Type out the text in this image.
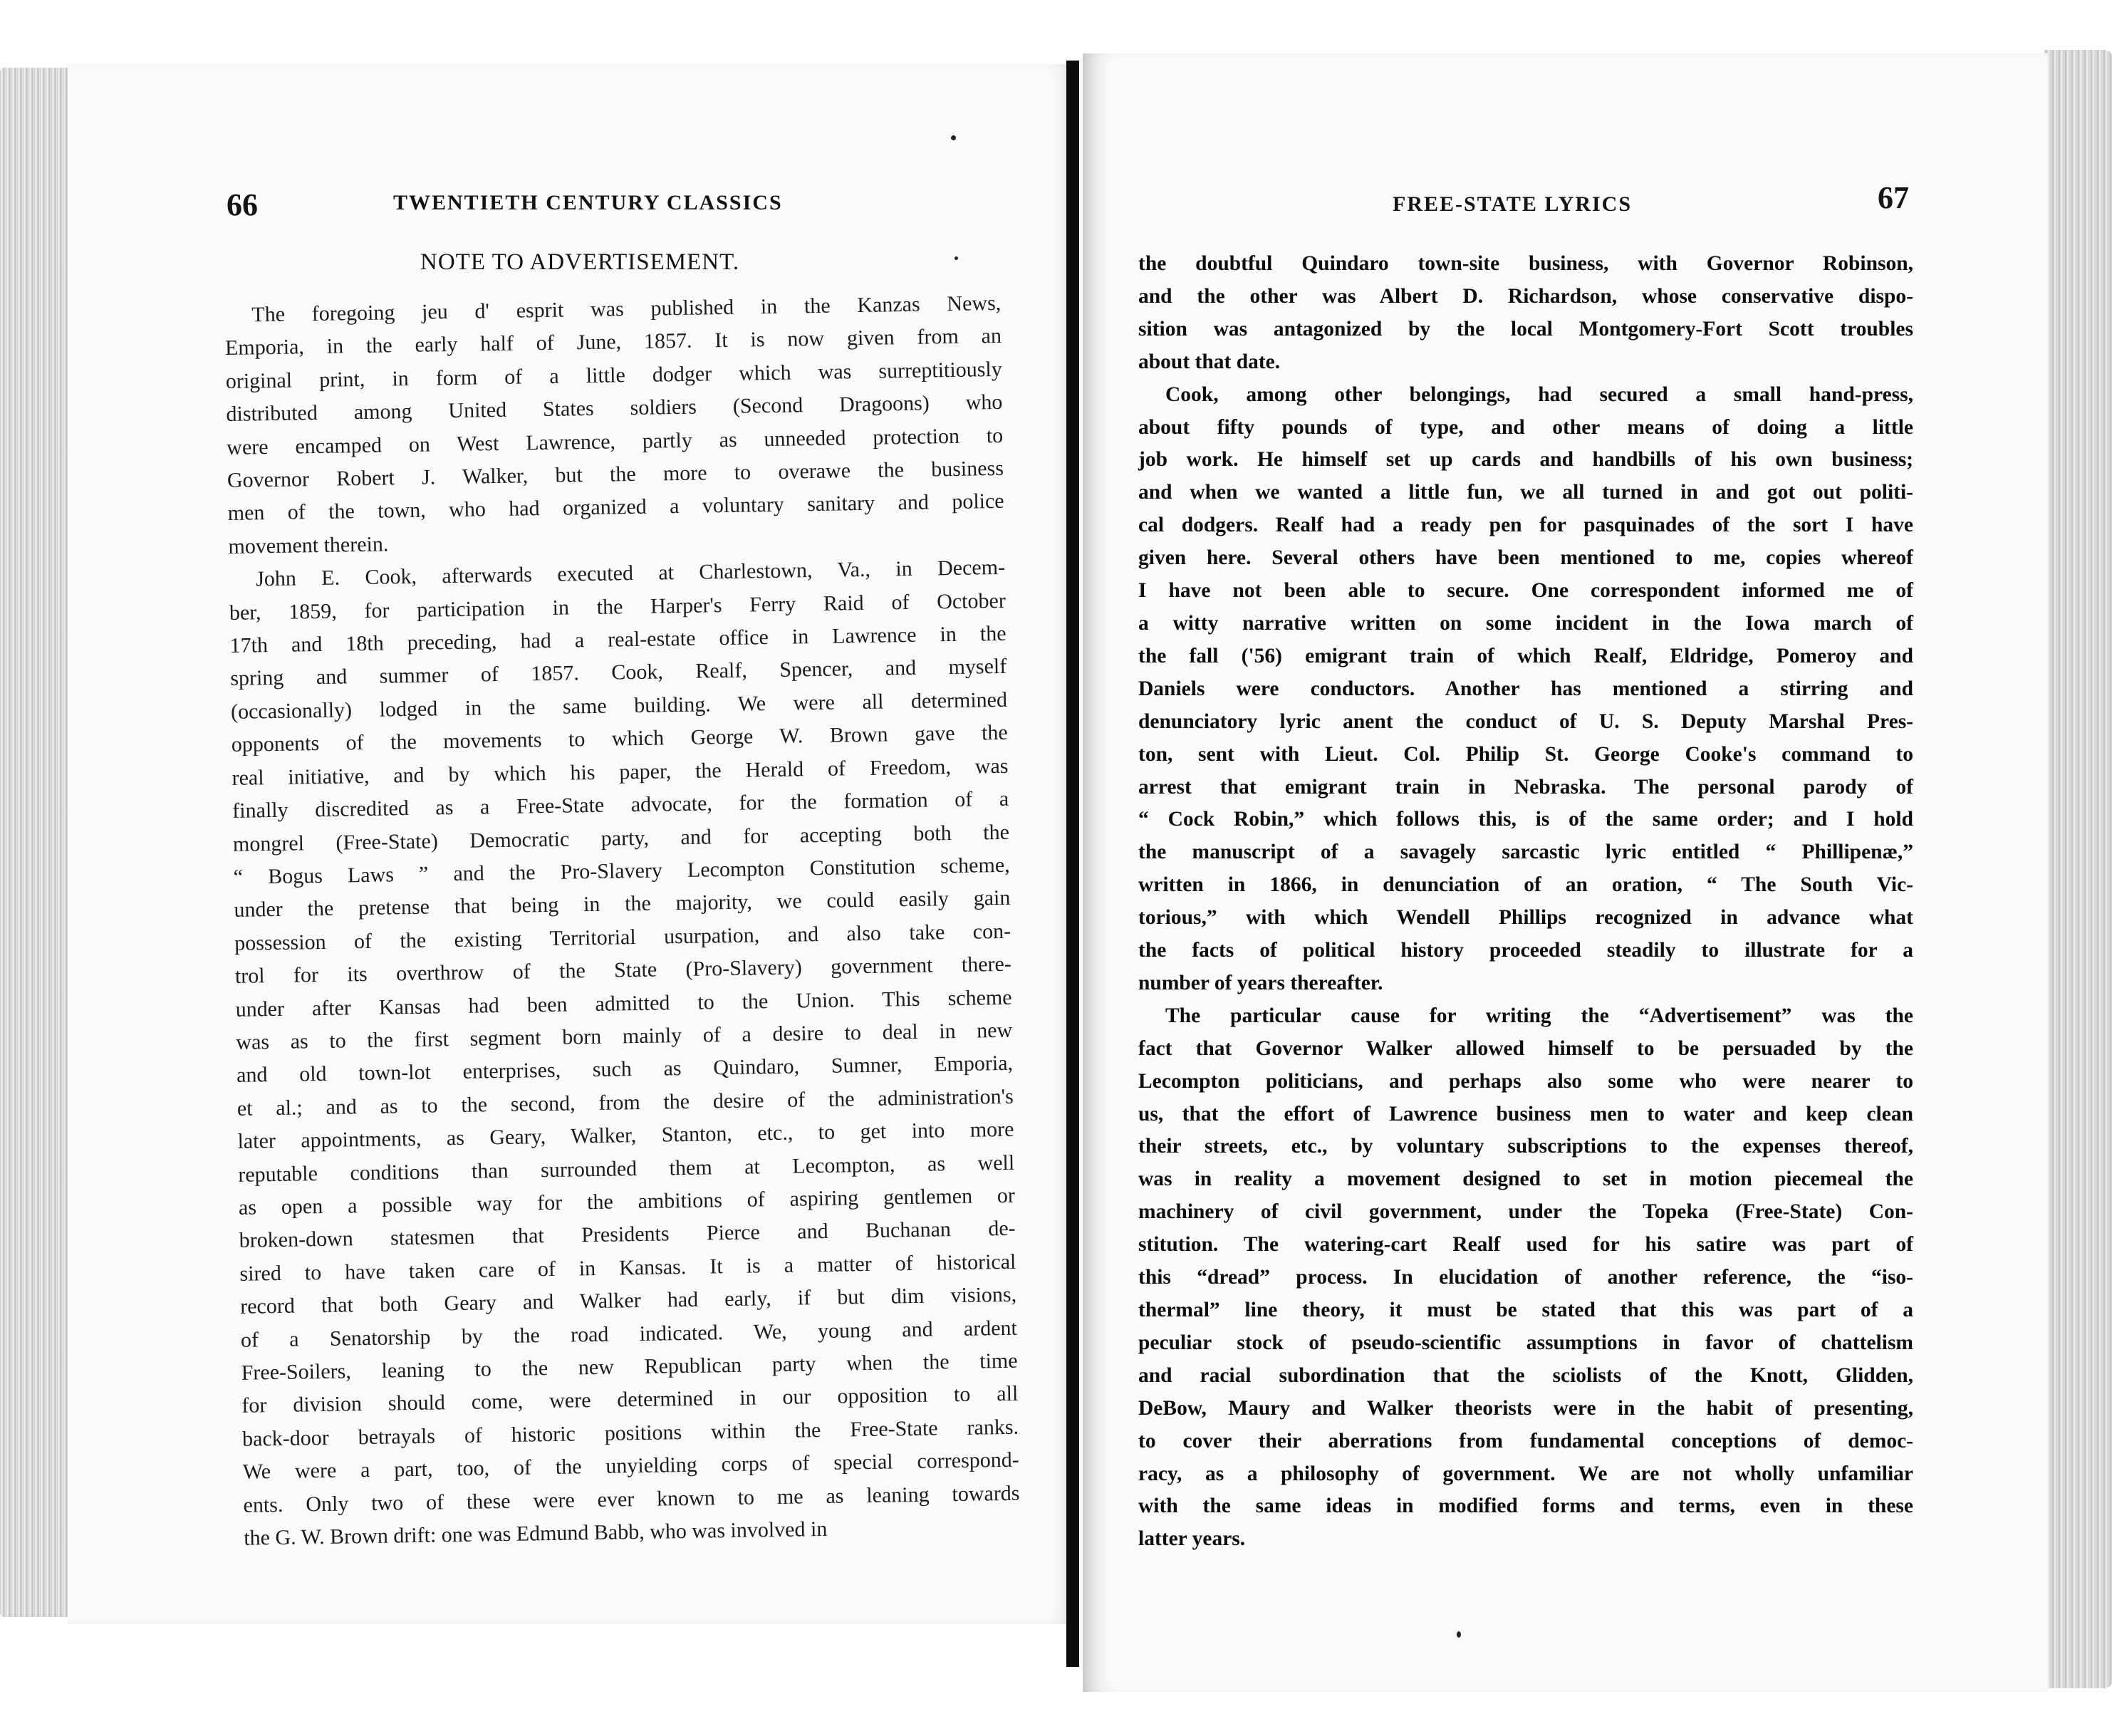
66	TWENTIETH CENTURY CLASSICS
NOTE TO ADVERTISEMENT.
FREE-STATE LYRICS	67
The foregoing jeu d' esprit was published in the Kanzas News,
Emporia, in the early half of June, 1857. It is now given from an
original print, in form of a little dodger which was surreptitiously
distributed among United States soldiers (Second Dragoons) who
were encamped on West Lawrence, partly as unneeded protection to
Governor Robert J. Walker, but the more to overawe the business
men of the town, who had organized a voluntary sanitary and police
movement therein.
John E. Cook, afterwards executed at Charlestown, Va., in Decem-
ber, 1859, for participation in the Harper's Ferry Raid of October
17th and 18th preceding, had a real-estate office in Lawrence in the
spring and summer of 1857. Cook, Realf, Spencer, and myself
(occasionally) lodged in the same building. We were all determined
opponents of the movements to which George W. Brown gave the
real initiative, and by which his paper, the Herald of Freedom, was
finally discredited as a Free-State advocate, for the formation of a
mongrel (Free-State) Democratic party, and for accepting both the
“ Bogus Laws ” and the Pro-Slavery Lecompton Constitution scheme,
under the pretense that being in the majority, we could easily gain
possession of the existing Territorial usurpation, and also take con-
trol for its overthrow of the State (Pro-Slavery) government there-
under after Kansas had been admitted to the Union. This scheme
was as to the first segment born mainly of a desire to deal in new
and old town-lot enterprises, such as Quindaro, Sumner, Emporia,
et al.; and as to the second, from the desire of the administration's
later appointments, as Geary, Walker, Stanton, etc., to get into more
reputable conditions than surrounded them at Lecompton, as well
as open a possible way for the ambitions of aspiring gentlemen or
broken-down statesmen that Presidents Pierce and Buchanan de-
sired to have taken care of in Kansas. It is a matter of historical
record that both Geary and Walker had early, if but dim visions,
of a Senatorship by the road indicated. We, young and ardent
Free-Soilers, leaning to the new Republican party when the time
for division should come, were determined in our opposition to all
back-door betrayals of historic positions within the Free-State ranks.
We were a part, too, of the unyielding corps of special correspond-
ents. Only two of these were ever known to me as leaning towards
the G. W. Brown drift: one was Edmund Babb, who was involved in
the doubtful Quindaro town-site business, with Governor Robinson,
and the other was Albert D. Richardson, whose conservative dispo-
sition was antagonized by the local Montgomery-Fort Scott troubles
about that date.
Cook, among other belongings, had secured a small hand-press,
about fifty pounds of type, and other means of doing a little
job work. He himself set up cards and handbills of his own business;
and when we wanted a little fun, we all turned in and got out politi-
cal dodgers. Realf had a ready pen for pasquinades of the sort I have
given here. Several others have been mentioned to me, copies whereof
I have not been able to secure. One correspondent informed me of
a witty narrative written on some incident in the Iowa march of
the fall ('56) emigrant train of which Realf, Eldridge, Pomeroy and
Daniels were conductors. Another has mentioned a stirring and
denunciatory lyric anent the conduct of U. S. Deputy Marshal Pres-
ton, sent with Lieut. Col. Philip St. George Cooke's command to
arrest that emigrant train in Nebraska. The personal parody of
“ Cock Robin,” which follows this, is of the same order; and I hold
the manuscript of a savagely sarcastic lyric entitled “ Phillipenæ,”
written in 1866, in denunciation of an oration, “ The South Vic-
torious,” with which Wendell Phillips recognized in advance what
the facts of political history proceeded steadily to illustrate for a
number of years thereafter.
The particular cause for writing the “Advertisement” was the
fact that Governor Walker allowed himself to be persuaded by the
Lecompton politicians, and perhaps also some who were nearer to
us, that the effort of Lawrence business men to water and keep clean
their streets, etc., by voluntary subscriptions to the expenses thereof,
was in reality a movement designed to set in motion piecemeal the
machinery of civil government, under the Topeka (Free-State) Con-
stitution. The watering-cart Realf used for his satire was part of
this “dread” process. In elucidation of another reference, the “iso-
thermal” line theory, it must be stated that this was part of a
peculiar stock of pseudo-scientific assumptions in favor of chattelism
and racial subordination that the sciolists of the Knott, Glidden,
DeBow, Maury and Walker theorists were in the habit of presenting,
to cover their aberrations from fundamental conceptions of democ-
racy, as a philosophy of government. We are not wholly unfamiliar
with the same ideas in modified forms and terms, even in these
latter years.
